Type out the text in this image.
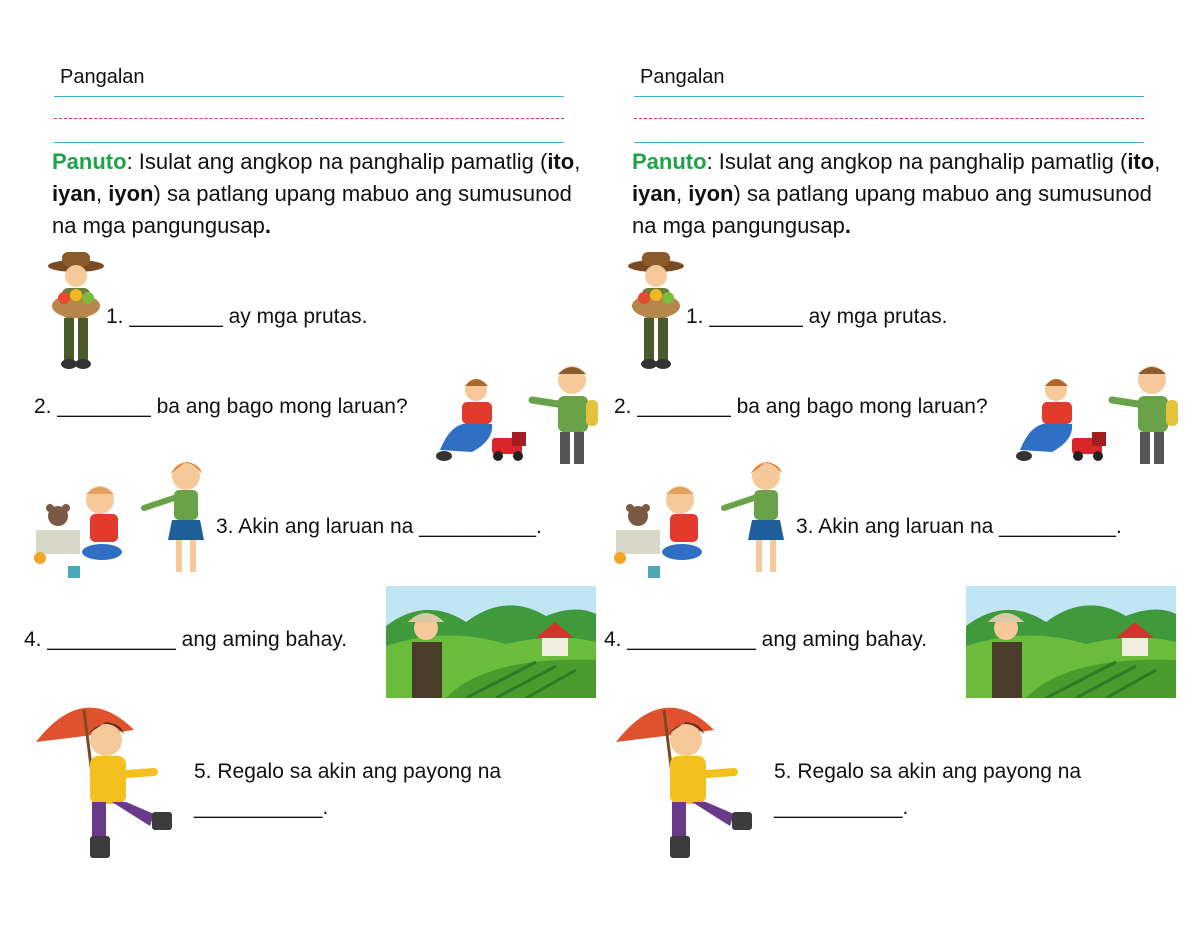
Pangalan
Panuto: Isulat ang angkop na panghalip pamatlig (ito, iyan, iyon) sa patlang upang mabuo ang sumusunod na mga pangungusap.
1. ________ ay mga prutas.
2. ________ ba ang bago mong laruan?
3. Akin ang laruan na __________.
4. ___________ ang aming bahay.
5. Regalo sa akin ang payong na
___________.
Pangalan
Panuto: Isulat ang angkop na panghalip pamatlig (ito, iyan, iyon) sa patlang upang mabuo ang sumusunod na mga pangungusap.
1. ________ ay mga prutas.
2. ________ ba ang bago mong laruan?
3. Akin ang laruan na __________.
4. ___________ ang aming bahay.
5. Regalo sa akin ang payong na
___________.
